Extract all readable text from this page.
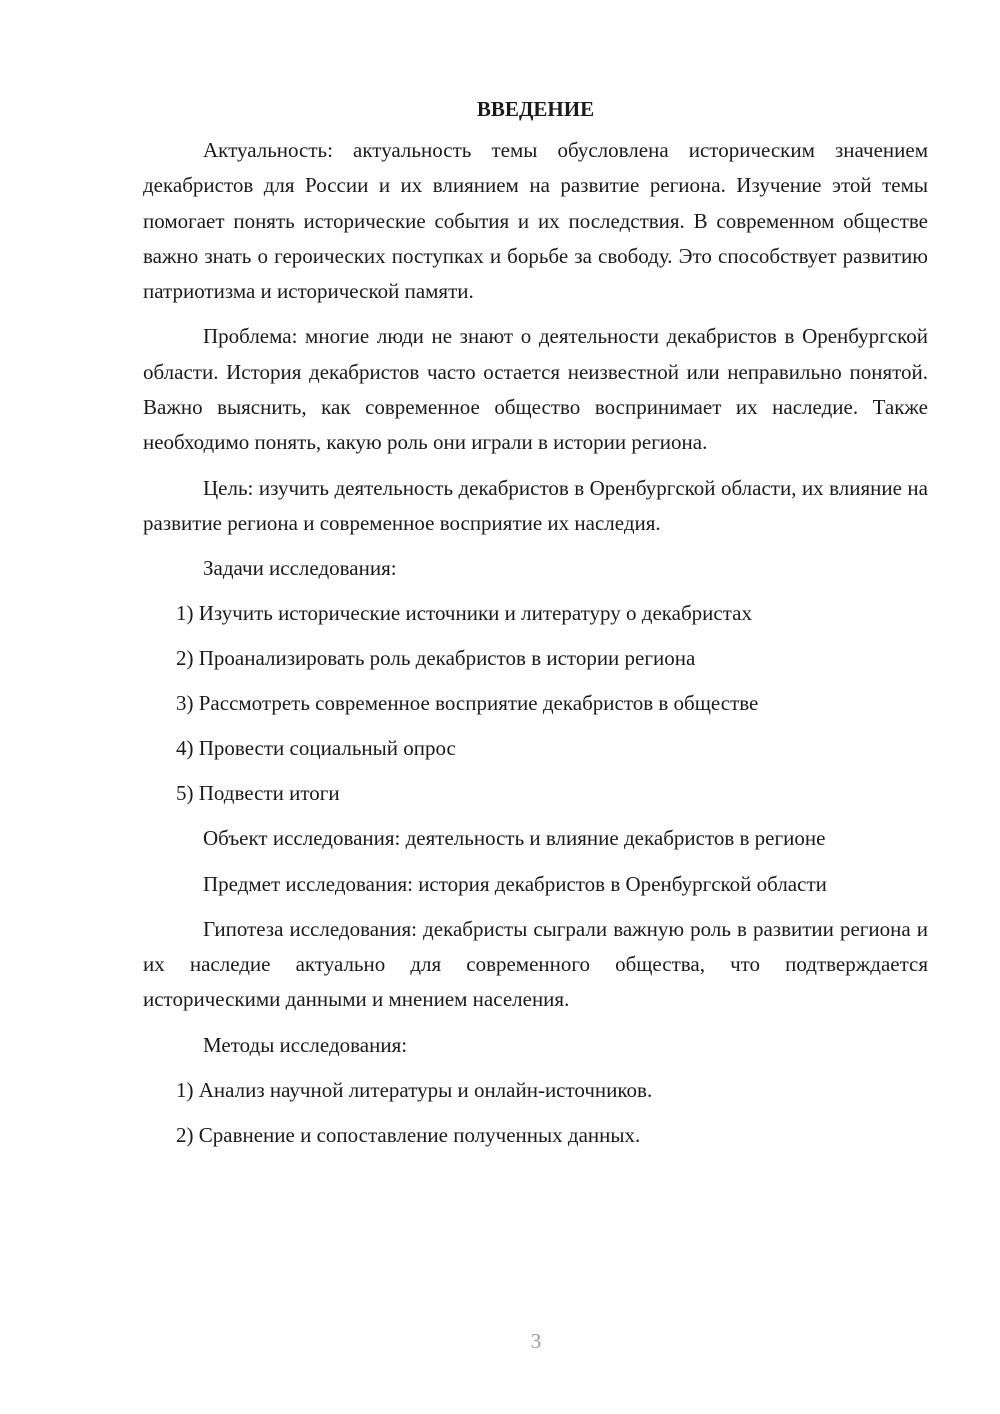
ВВЕДЕНИЕ

Актуальность: актуальность темы обусловлена историческим значением декабристов для России и их влиянием на развитие региона. Изучение этой темы помогает понять исторические события и их последствия. В современном обществе важно знать о героических поступках и борьбе за свободу. Это способствует развитию патриотизма и исторической памяти.

Проблема: многие люди не знают о деятельности декабристов в Оренбургской области. История декабристов часто остается неизвестной или неправильно понятой. Важно выяснить, как современное общество воспринимает их наследие. Также необходимо понять, какую роль они играли в истории региона.

Цель: изучить деятельность декабристов в Оренбургской области, их влияние на развитие региона и современное восприятие их наследия.

Задачи исследования:

1) Изучить исторические источники и литературу о декабристах
2) Проанализировать роль декабристов в истории региона
3) Рассмотреть современное восприятие декабристов в обществе
4) Провести социальный опрос
5) Подвести итоги

Объект исследования: деятельность и влияние декабристов в регионе

Предмет исследования: история декабристов в Оренбургской области

Гипотеза исследования: декабристы сыграли важную роль в развитии региона и их наследие актуально для современного общества, что подтверждается историческими данными и мнением населения.

Методы исследования:

1) Анализ научной литературы и онлайн-источников.
2) Сравнение и сопоставление полученных данных.
3
